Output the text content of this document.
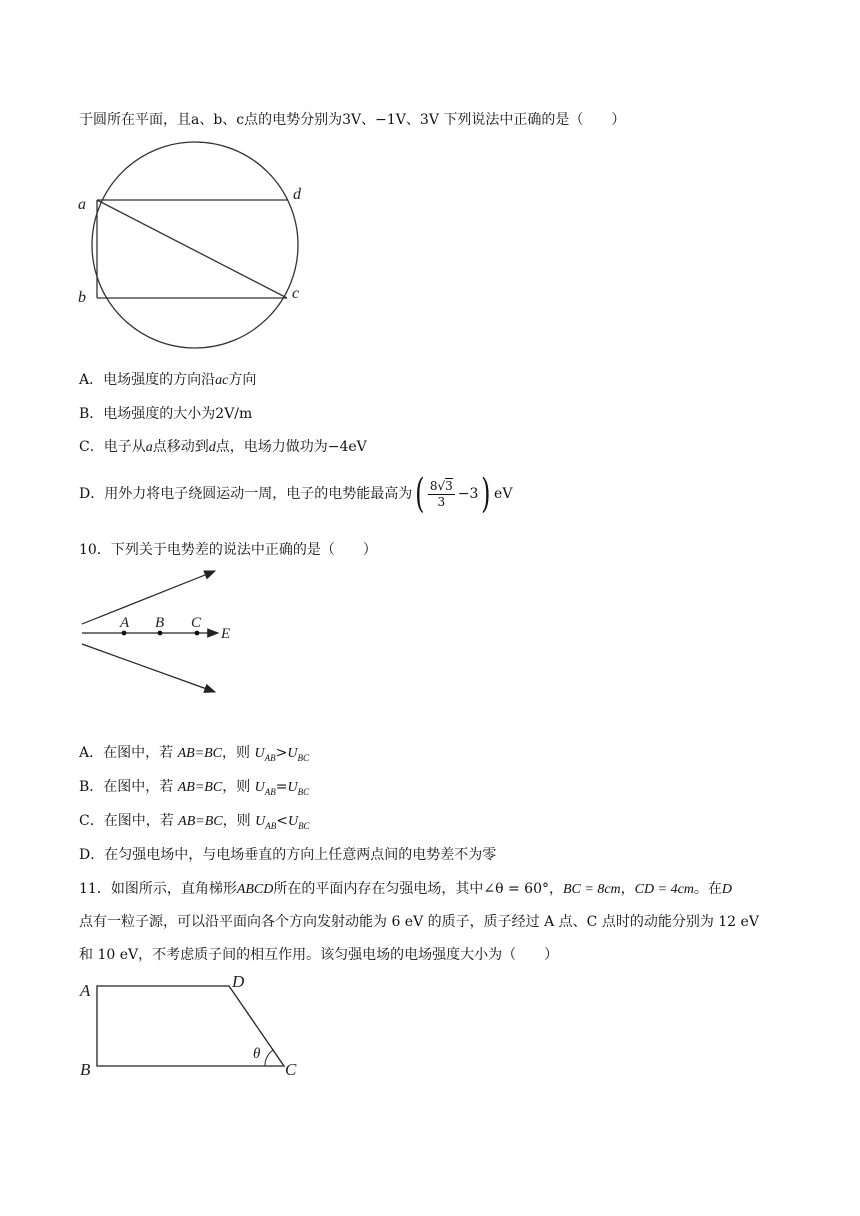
于圆所在平面，且a、b、c点的电势分别为3V、−1V、3V 下列说法中正确的是（　　）
a
d
b	c
A．电场强度的方向沿ac方向
B．电场强度的大小为2V/m
C．电子从a点移动到d点，电场力做功为−4eV
D．用外力将电子绕圆运动一周，电子的电势能最高为 ( 8√3
3 −3 ) eV
10．下列关于电势差的说法中正确的是（　　）
A B C
E
A．在图中，若 AB=BC，则 $U_{AB}>U_{BC}$
B．在图中，若 AB=BC，则 $U_{AB}=U_{BC}$
C．在图中，若 AB=BC，则 $U_{AB}<U_{BC}$
D．在匀强电场中，与电场垂直的方向上任意两点间的电势差不为零
11．如图所示，直角梯形ABCD所在的平面内存在匀强电场，其中∠θ = 60°，BC = 8cm，CD = 4cm。在D
点有一粒子源，可以沿平面向各个方向发射动能为 6 eV 的质子，质子经过 A 点、C 点时的动能分别为 12 eV
和 10 eV，不考虑质子间的相互作用。该匀强电场的电场强度大小为（　　）
A	D
B	C
θ
